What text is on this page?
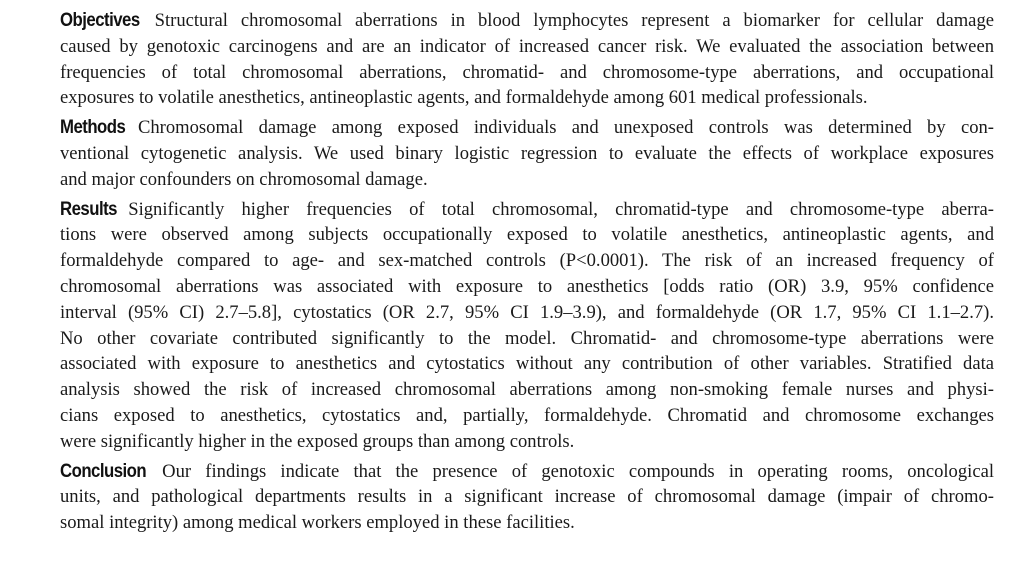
Objectives Structural chromosomal aberrations in blood lymphocytes represent a biomarker for cellular damage
caused by genotoxic carcinogens and are an indicator of increased cancer risk. We evaluated the association between
frequencies of total chromosomal aberrations, chromatid- and chromosome-type aberrations, and occupational
exposures to volatile anesthetics, antineoplastic agents, and formaldehyde among 601 medical professionals.
Methods Chromosomal damage among exposed individuals and unexposed controls was determined by con-
ventional cytogenetic analysis. We used binary logistic regression to evaluate the effects of workplace exposures
and major confounders on chromosomal damage.
Results Significantly higher frequencies of total chromosomal, chromatid-type and chromosome-type aberra-
tions were observed among subjects occupationally exposed to volatile anesthetics, antineoplastic agents, and
formaldehyde compared to age- and sex-matched controls (P<0.0001). The risk of an increased frequency of
chromosomal aberrations was associated with exposure to anesthetics [odds ratio (OR) 3.9, 95% confidence
interval (95% CI) 2.7–5.8], cytostatics (OR 2.7, 95% CI 1.9–3.9), and formaldehyde (OR 1.7, 95% CI 1.1–2.7).
No other covariate contributed significantly to the model. Chromatid- and chromosome-type aberrations were
associated with exposure to anesthetics and cytostatics without any contribution of other variables. Stratified data
analysis showed the risk of increased chromosomal aberrations among non-smoking female nurses and physi-
cians exposed to anesthetics, cytostatics and, partially, formaldehyde. Chromatid and chromosome exchanges
were significantly higher in the exposed groups than among controls.
Conclusion Our findings indicate that the presence of genotoxic compounds in operating rooms, oncological
units, and pathological departments results in a significant increase of chromosomal damage (impair of chromo-
somal integrity) among medical workers employed in these facilities.
